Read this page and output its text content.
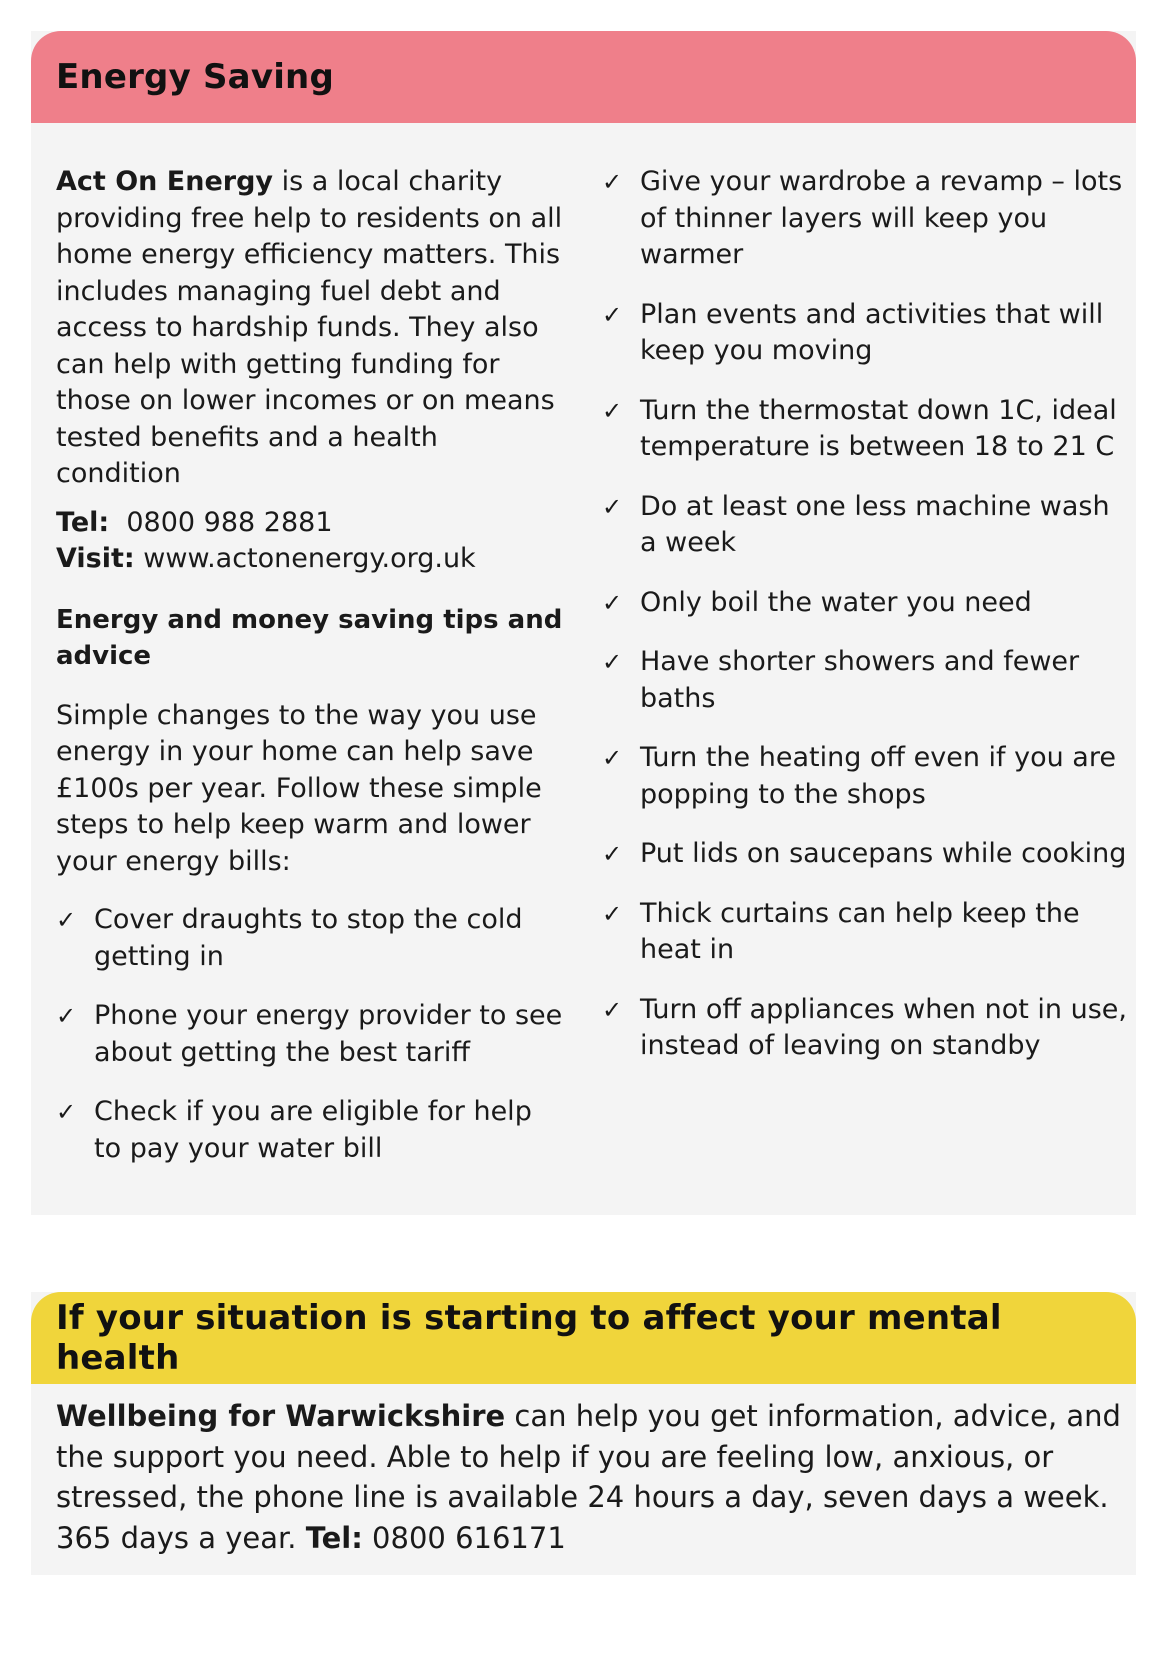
Energy Saving

Act On Energy is a local charity providing free help to residents on all home energy efficiency matters. This includes managing fuel debt and access to hardship funds. They also can help with getting funding for those on lower incomes or on means tested benefits and a health condition

Tel:  0800 988 2881
Visit: www.actonenergy.org.uk

Energy and money saving tips and advice

Simple changes to the way you use energy in your home can help save £100s per year. Follow these simple steps to help keep warm and lower your energy bills:

✓ Cover draughts to stop the cold getting in
✓ Phone your energy provider to see about getting the best tariff
✓ Check if you are eligible for help to pay your water bill
✓ Give your wardrobe a revamp – lots of thinner layers will keep you warmer
✓ Plan events and activities that will keep you moving
✓ Turn the thermostat down 1C, ideal temperature is between 18 to 21 C
✓ Do at least one less machine wash a week
✓ Only boil the water you need
✓ Have shorter showers and fewer baths
✓ Turn the heating off even if you are popping to the shops
✓ Put lids on saucepans while cooking
✓ Thick curtains can help keep the heat in
✓ Turn off appliances when not in use, instead of leaving on standby
If your situation is starting to affect your mental health

Wellbeing for Warwickshire can help you get information, advice, and the support you need. Able to help if you are feeling low, anxious, or stressed, the phone line is available 24 hours a day, seven days a week. 365 days a year. Tel: 0800 616171
